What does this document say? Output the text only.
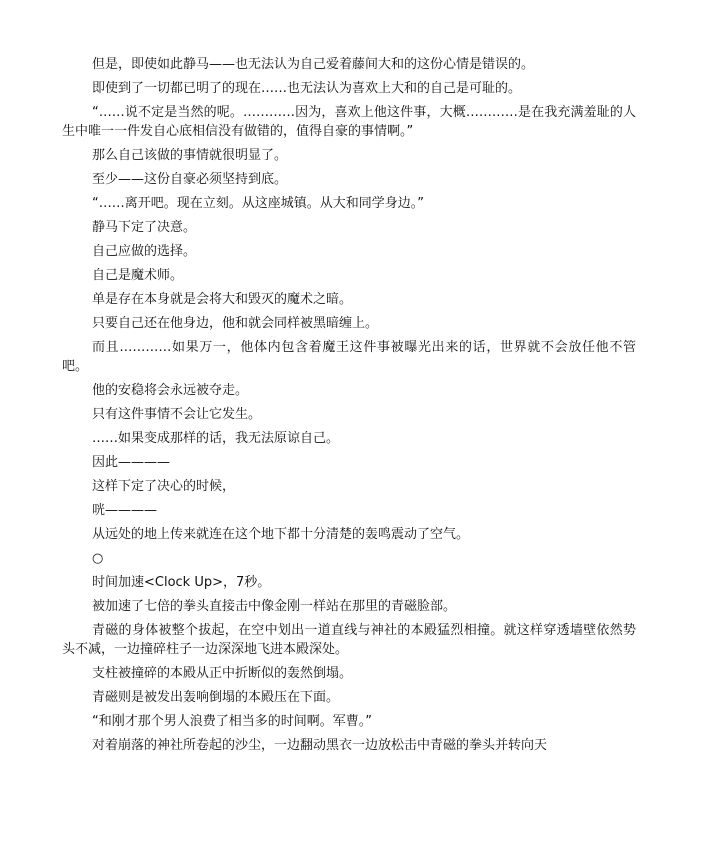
但是，即使如此静马——也无法认为自己爱着藤间大和的这份心情是错误的。

即使到了一切都已明了的现在……也无法认为喜欢上大和的自己是可耻的。

“……说不定是当然的呢。…………因为，喜欢上他这件事，大概…………是在我充满羞耻的人生中唯一一件发自心底相信没有做错的，值得自豪的事情啊。”

那么自己该做的事情就很明显了。

至少——这份自豪必须坚持到底。

“……离开吧。现在立刻。从这座城镇。从大和同学身边。”

静马下定了决意。

自己应做的选择。

自己是魔术师。

单是存在本身就是会将大和毁灭的魔术之暗。

只要自己还在他身边，他和就会同样被黑暗缠上。

而且…………如果万一，他体内包含着魔王这件事被曝光出来的话，世界就不会放任他不管吧。

他的安稳将会永远被夺走。

只有这件事情不会让它发生。

……如果变成那样的话，我无法原谅自己。

因此————

这样下定了决心的时候，

咣————

从远处的地上传来就连在这个地下都十分清楚的轰鸣震动了空气。

○

时间加速<Clock Up>，7秒。

被加速了七倍的拳头直接击中像金刚一样站在那里的青磁脸部。

青磁的身体被整个拔起，在空中划出一道直线与神社的本殿猛烈相撞。就这样穿透墙壁依然势头不减，一边撞碎柱子一边深深地飞进本殿深处。

支柱被撞碎的本殿从正中折断似的轰然倒塌。

青磁则是被发出轰响倒塌的本殿压在下面。

“和刚才那个男人浪费了相当多的时间啊。军曹。”

对着崩落的神社所卷起的沙尘，一边翻动黑衣一边放松击中青磁的拳头并转向天
